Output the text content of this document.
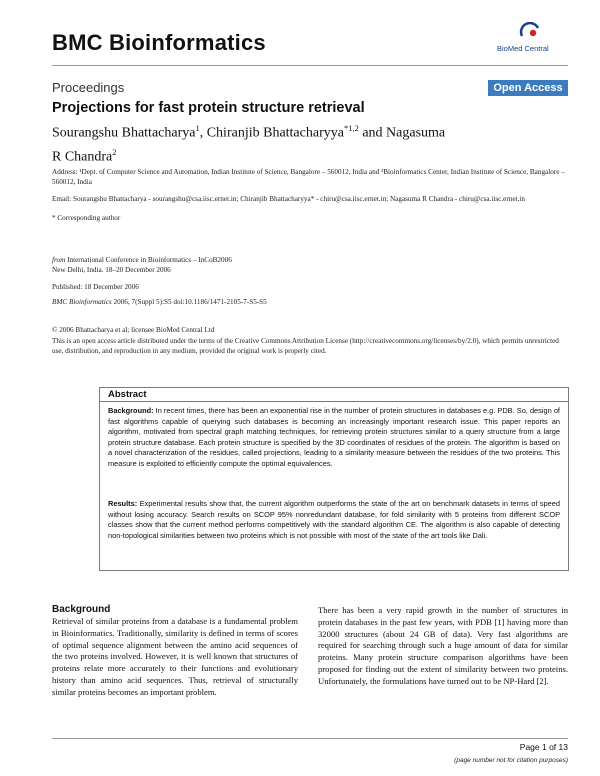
BMC Bioinformatics	BioMed Central
Proceedings	Open Access
Projections for fast protein structure retrieval
Sourangshu Bhattacharya$^1$, Chiranjib Bhattacharyya$^{*1,2}$ and Nagasuma R Chandra$^2$
Address: ¹Dept. of Computer Science and Automation, Indian Institute of Science, Bangalore – 560012, India and ²Bioinformatics Center, Indian Institute of Science, Bangalore – 560012, India
Email: Sourangshu Bhattacharya - sourangshu@csa.iisc.ernet.in; Chiranjib Bhattacharyya* - chiru@csa.iisc.ernet.in; Nagasuma R Chandra - chiru@csa.iisc.ernet.in
* Corresponding author
from International Conference in Bioinformatics – InCoB2006
New Delhi, India. 18–20 December 2006
Published: 18 December 2006
BMC Bioinformatics 2006, 7(Suppl 5):S5 doi:10.1186/1471-2105-7-S5-S5
© 2006 Bhattacharya et al; licensee BioMed Central Ltd
This is an open access article distributed under the terms of the Creative Commons Attribution License (http://creativecommons.org/licenses/by/2.0), which permits unrestricted use, distribution, and reproduction in any medium, provided the original work is properly cited.
Abstract
Background: In recent times, there has been an exponential rise in the number of protein structures in databases e.g. PDB. So, design of fast algorithms capable of querying such databases is becoming an increasingly important research issue. This paper reports an algorithm, motivated from spectral graph matching techniques, for retrieving protein structures similar to a query structure from a large protein structure database. Each protein structure is specified by the 3D coordinates of residues of the protein. The algorithm is based on a novel characterization of the residues, called projections, leading to a similarity measure between the residues of the two proteins. This measure is exploited to efficiently compute the optimal equivalences.
Results: Experimental results show that, the current algorithm outperforms the state of the art on benchmark datasets in terms of speed without losing accuracy. Search results on SCOP 95% nonredundant database, for fold similarity with 5 proteins from different SCOP classes show that the current method performs competitively with the standard algorithm CE. The algorithm is also capable of detecting non-topological similarities between two proteins which is not possible with most of the state of the art tools like Dali.
Background
Retrieval of similar proteins from a database is a fundamental problem in Bioinformatics. Traditionally, similarity is defined in terms of scores of optimal sequence alignment between the amino acid sequences of the two proteins involved. However, it is well known that structures of proteins relate more accurately to their functions and evolutionary history than amino acid sequences. Thus, retrieval of structurally similar proteins becomes an important problem.
There has been a very rapid growth in the number of structures in protein databases in the past few years, with PDB [1] having more than 32000 structures (about 24 GB of data). Very fast algorithms are required for searching through such a huge amount of data for similar proteins. Many protein structure comparison algorithms have been proposed for finding out the extent of similarity between two proteins. Unfortunately, the formulations have turned out to be NP-Hard [2].
Page 1 of 13
(page number not for citation purposes)
